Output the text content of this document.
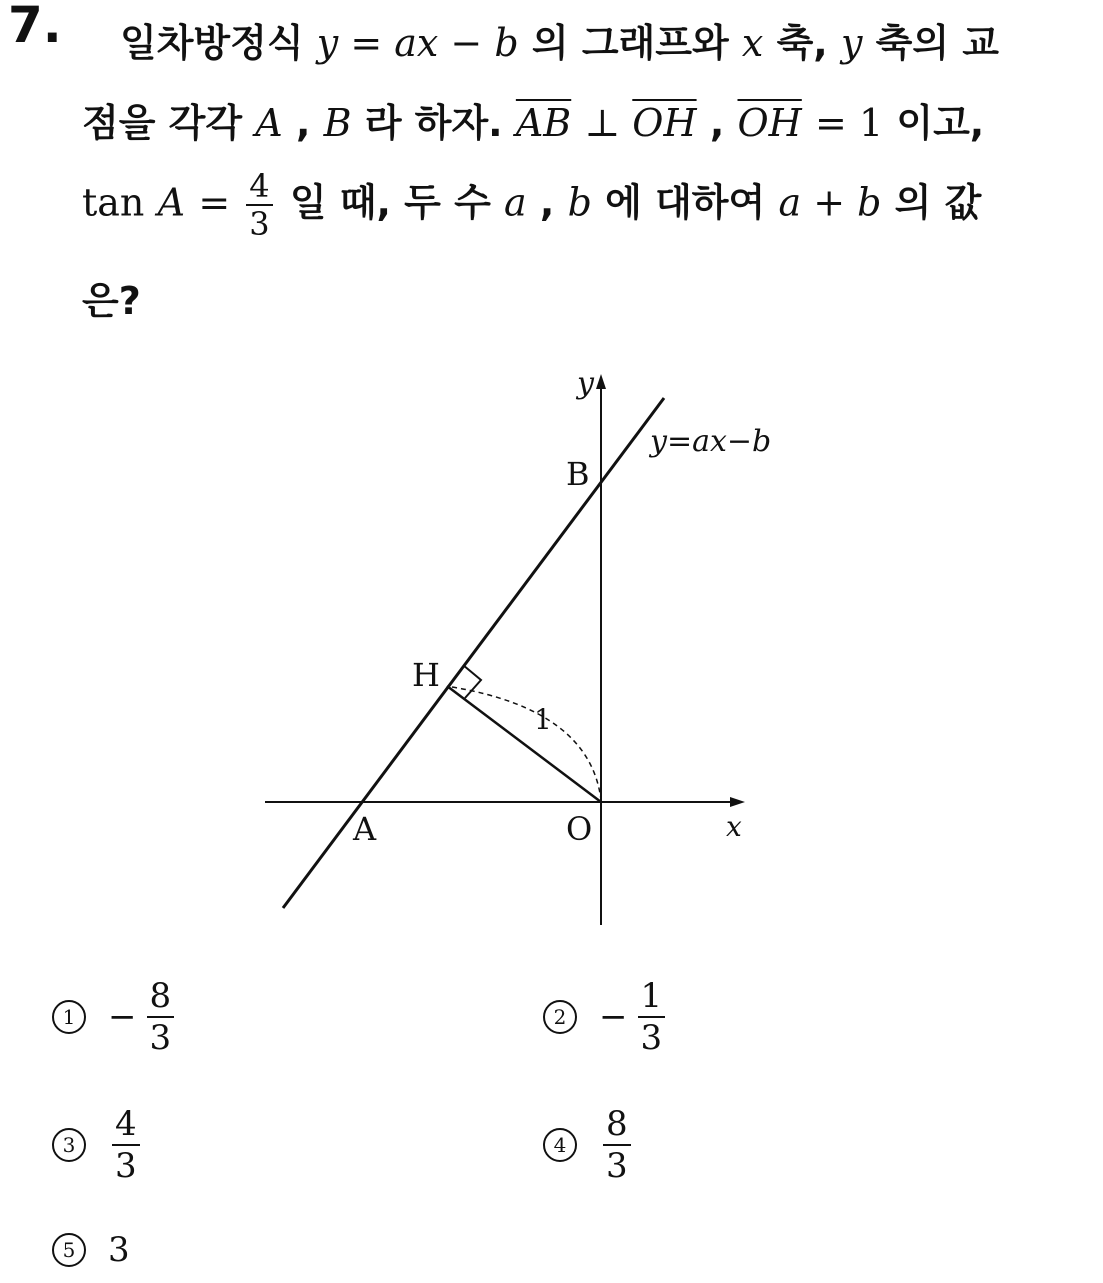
7. 일차방정식 y = ax − b 의 그래프와 x 축, y 축의 교
점을 각각 A , B 라 하자. $\overline{AB}$ ⊥ $\overline{OH}$ , $\overline{OH} = 1$ 이고,
$\tan A = \frac{4}{3}$ 일 때, 두 수 a , b 에 대하여 a + b 의 값
은?
y
x
y=ax−b
B
H
A	O
1
$1 - \frac{8}{3}$	$2 - \frac{1}{3}$
3	$\frac{4}{3}$	4	$\frac{8}{3}$
5 3
